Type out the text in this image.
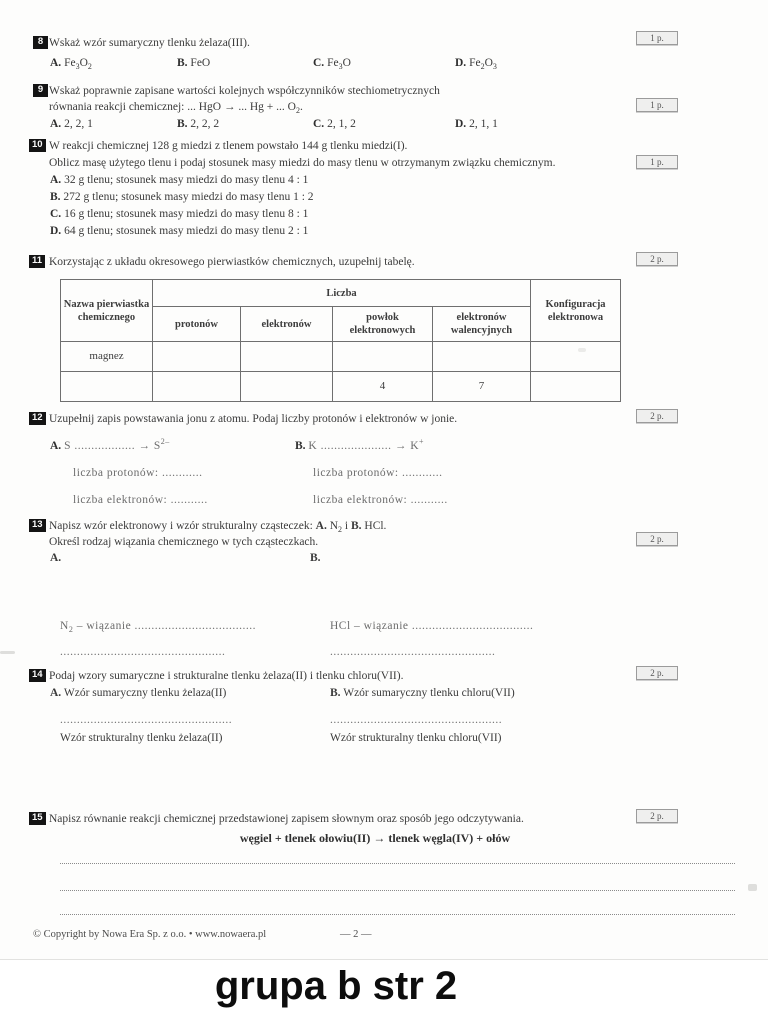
8 Wskaż wzór sumaryczny tlenku żelaza(III).	1 p.
A. $Fe_3O_2$	B. FeO	C. $Fe_3O$	D. $Fe_2O_3$
9 Wskaż poprawnie zapisane wartości kolejnych współczynników stechiometrycznych
równania reakcji chemicznej: ... HgO → ... Hg + ... $O_2$.	1 p.
A. 2, 2, 1	B. 2, 2, 2	C. 2, 1, 2	D. 2, 1, 1
10 W reakcji chemicznej 128 g miedzi z tlenem powstało 144 g tlenku miedzi(I).
Oblicz masę użytego tlenu i podaj stosunek masy miedzi do masy tlenu w otrzymanym związku chemicznym.	1 p.
A. 32 g tlenu; stosunek masy miedzi do masy tlenu 4 : 1
B. 272 g tlenu; stosunek masy miedzi do masy tlenu 1 : 2
C. 16 g tlenu; stosunek masy miedzi do masy tlenu 8 : 1
D. 64 g tlenu; stosunek masy miedzi do masy tlenu 2 : 1
11 Korzystając z układu okresowego pierwiastków chemicznych, uzupełnij tabelę.	2 p.
Nazwa pierwiastka chemicznego	Liczba				Konfiguracja elektronowa
	protonów	elektronów	powłok elektronowych	elektronów walencyjnych	
magnez					
			4	7	
12 Uzupełnij zapis powstawania jonu z atomu. Podaj liczby protonów i elektronów w jonie.	2 p.
A. S .................. → $S^{2-}$	B. K ..................... → K+
liczba protonów: ............	liczba protonów: ............
liczba elektronów: ...........	liczba elektronów: ...........
13 Napisz wzór elektronowy i wzór strukturalny cząsteczek: A. $N_2$ i B. HCl.
Określ rodzaj wiązania chemicznego w tych cząsteczkach.	2 p.
A.	B.
$N_2$ – wiązanie ....................................	HCl – wiązanie ....................................
.................................................	.................................................
14 Podaj wzory sumaryczne i strukturalne tlenku żelaza(II) i tlenku chloru(VII).	2 p.
A. Wzór sumaryczny tlenku żelaza(II)	B. Wzór sumaryczny tlenku chloru(VII)
...................................................	...................................................
Wzór strukturalny tlenku żelaza(II)	Wzór strukturalny tlenku chloru(VII)
15 Napisz równanie reakcji chemicznej przedstawionej zapisem słownym oraz sposób jego odczytywania.	2 p.
węgiel + tlenek ołowiu(II) → tlenek węgla(IV) + ołów
© Copyright by Nowa Era Sp. z o.o. • www.nowaera.pl	— 2 —
grupa b str 2
